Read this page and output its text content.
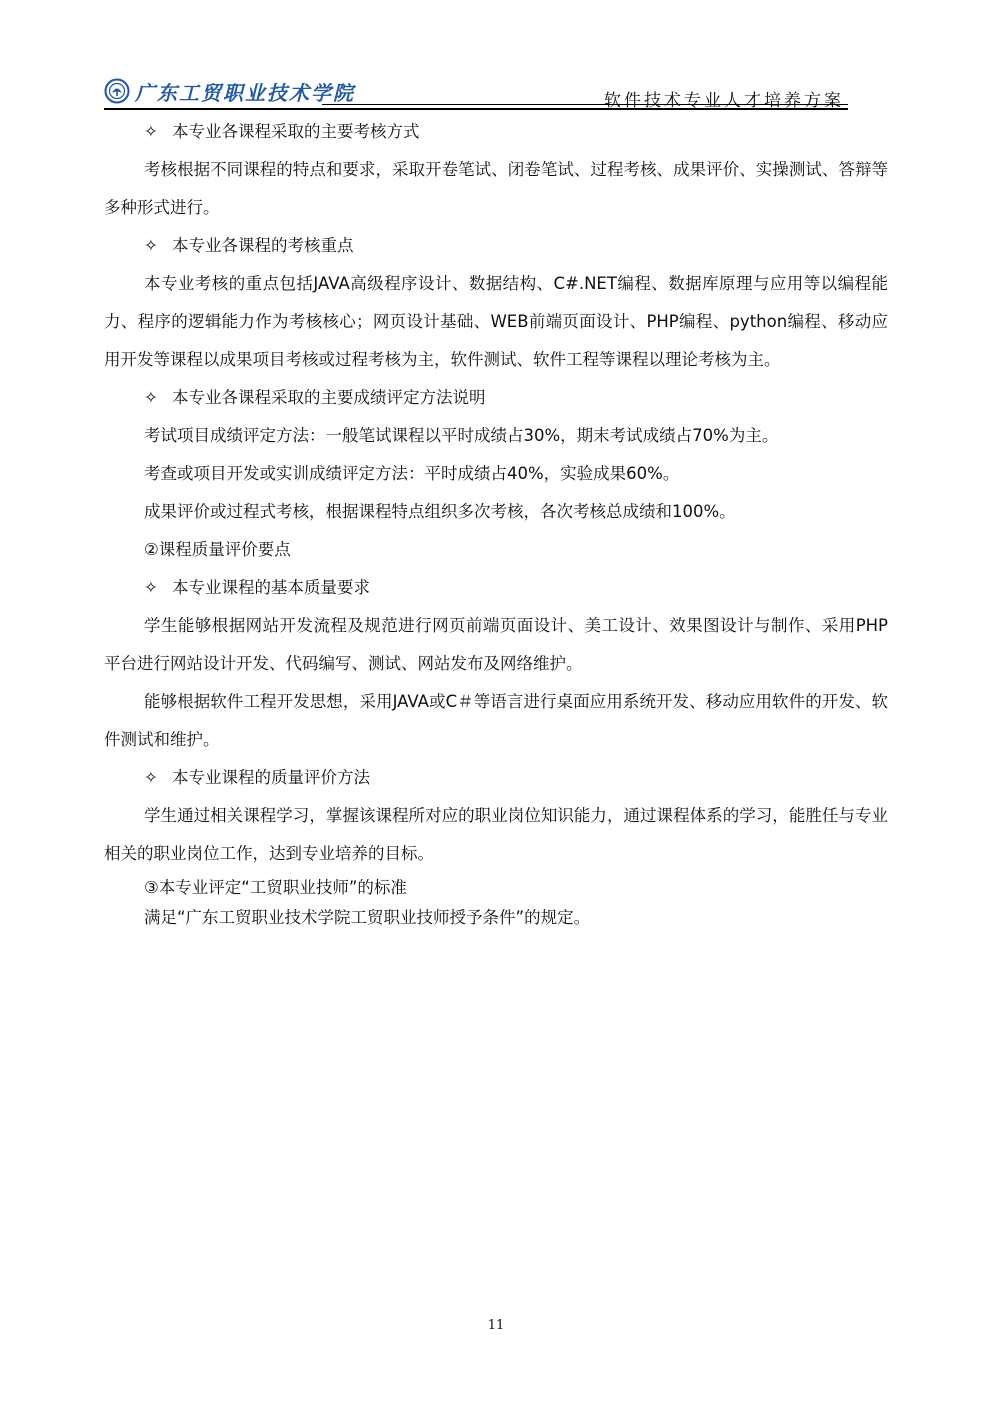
广东工贸职业技术学院	软件技术专业人才培养方案

✧ 本专业各课程采取的主要考核方式

考核根据不同课程的特点和要求，采取开卷笔试、闭卷笔试、过程考核、成果评价、实操测试、答辩等多种形式进行。

✧ 本专业各课程的考核重点

本专业考核的重点包括JAVA高级程序设计、数据结构、C#.NET编程、数据库原理与应用等以编程能力、程序的逻辑能力作为考核核心；网页设计基础、WEB前端页面设计、PHP编程、python编程、移动应用开发等课程以成果项目考核或过程考核为主，软件测试、软件工程等课程以理论考核为主。

✧ 本专业各课程采取的主要成绩评定方法说明

考试项目成绩评定方法：一般笔试课程以平时成绩占30%，期末考试成绩占70%为主。

考查或项目开发或实训成绩评定方法：平时成绩占40%，实验成果60%。

成果评价或过程式考核，根据课程特点组织多次考核，各次考核总成绩和100%。

②课程质量评价要点

✧ 本专业课程的基本质量要求

学生能够根据网站开发流程及规范进行网页前端页面设计、美工设计、效果图设计与制作、采用PHP 平台进行网站设计开发、代码编写、测试、网站发布及网络维护。

能够根据软件工程开发思想，采用JAVA或C＃等语言进行桌面应用系统开发、移动应用软件的开发、软件测试和维护。

✧ 本专业课程的质量评价方法

学生通过相关课程学习，掌握该课程所对应的职业岗位知识能力，通过课程体系的学习，能胜任与专业相关的职业岗位工作，达到专业培养的目标。

③本专业评定“工贸职业技师”的标准

满足“广东工贸职业技术学院工贸职业技师授予条件”的规定。

11
